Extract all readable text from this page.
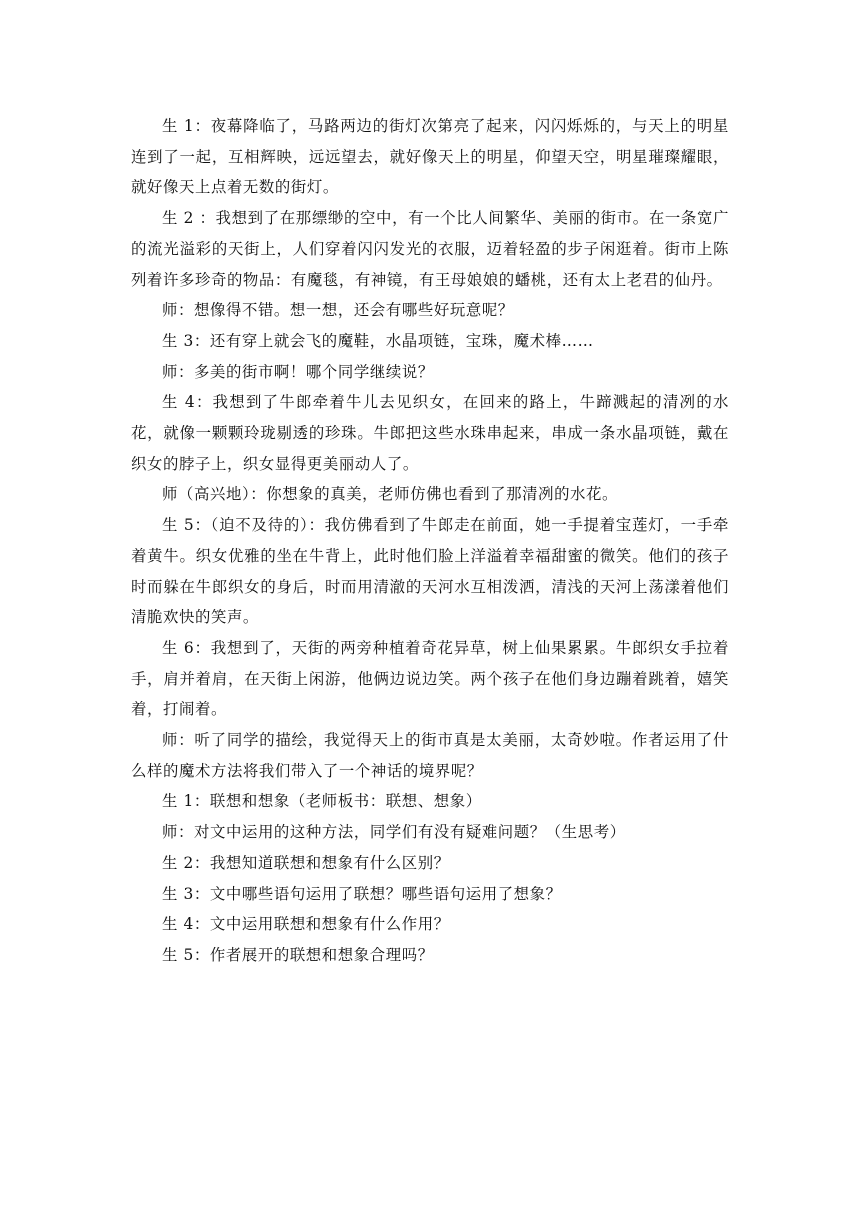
生 1：夜幕降临了，马路两边的街灯次第亮了起来，闪闪烁烁的，与天上的明星连到了一起，互相辉映，远远望去，就好像天上的明星，仰望天空，明星璀璨耀眼，就好像天上点着无数的街灯。

生 2 ：我想到了在那缥缈的空中，有一个比人间繁华、美丽的街市。在一条宽广的流光溢彩的天街上，人们穿着闪闪发光的衣服，迈着轻盈的步子闲逛着。街市上陈列着许多珍奇的物品：有魔毯，有神镜，有王母娘娘的蟠桃，还有太上老君的仙丹。

师：想像得不错。想一想，还会有哪些好玩意呢？

生 3：还有穿上就会飞的魔鞋，水晶项链，宝珠，魔术棒……

师：多美的街市啊！哪个同学继续说？

生 4：我想到了牛郎牵着牛儿去见织女，在回来的路上，牛蹄溅起的清冽的水花，就像一颗颗玲珑剔透的珍珠。牛郎把这些水珠串起来，串成一条水晶项链，戴在织女的脖子上，织女显得更美丽动人了。

师（高兴地）：你想象的真美，老师仿佛也看到了那清冽的水花。

生 5：（迫不及待的）：我仿佛看到了牛郎走在前面，她一手提着宝莲灯，一手牵着黄牛。织女优雅的坐在牛背上，此时他们脸上洋溢着幸福甜蜜的微笑。他们的孩子时而躲在牛郎织女的身后，时而用清澈的天河水互相泼洒，清浅的天河上荡漾着他们清脆欢快的笑声。

生 6：我想到了，天街的两旁种植着奇花异草，树上仙果累累。牛郎织女手拉着手，肩并着肩，在天街上闲游，他俩边说边笑。两个孩子在他们身边蹦着跳着，嬉笑着，打闹着。

师：听了同学的描绘，我觉得天上的街市真是太美丽，太奇妙啦。作者运用了什么样的魔术方法将我们带入了一个神话的境界呢？

生 1：联想和想象（老师板书：联想、想象）

师：对文中运用的这种方法，同学们有没有疑难问题？（生思考）

生 2：我想知道联想和想象有什么区别？

生 3：文中哪些语句运用了联想？哪些语句运用了想象？

生 4：文中运用联想和想象有什么作用？

生 5：作者展开的联想和想象合理吗？
